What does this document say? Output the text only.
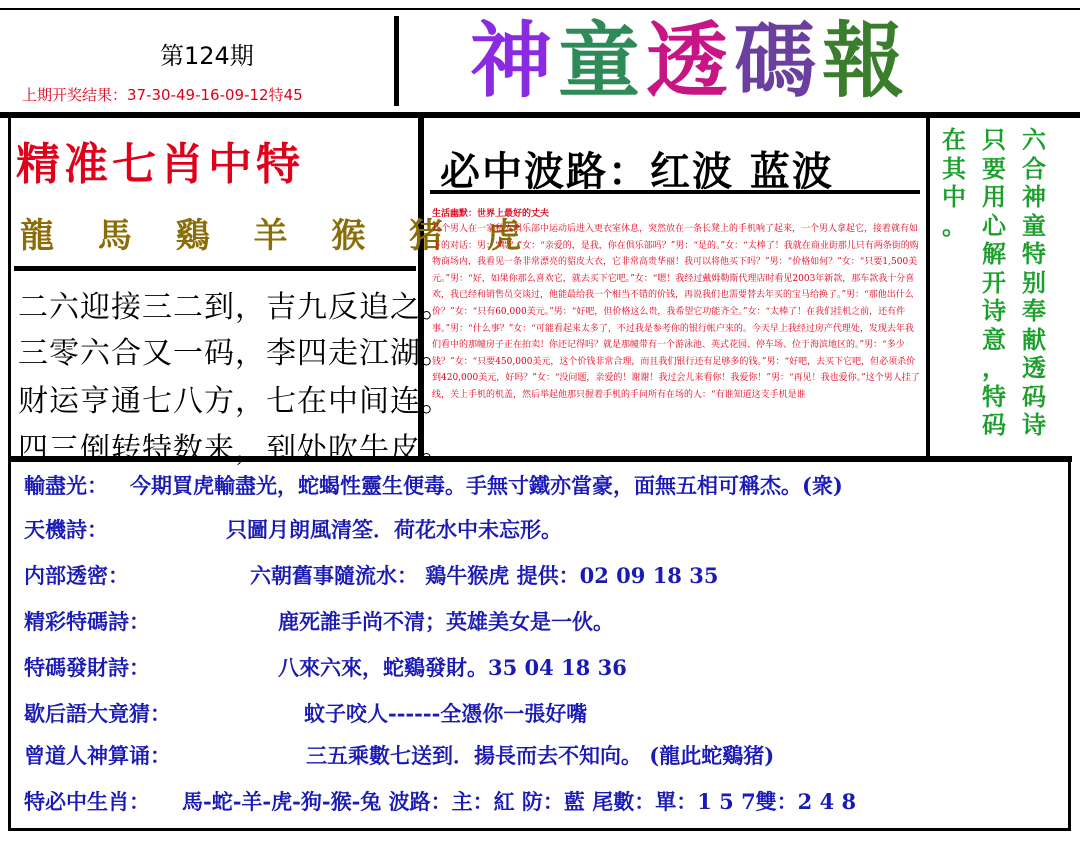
第124期
上期开奖结果：37-30-49-16-09-12特45 神童透碼報
精准七肖中特
龍 馬 鷄 羊 猴 猪 虎
二六迎接三二到，吉九反追之。
三零六合又一码，李四走江湖。
财运亨通七八方，七在中间连。
四三倒转特数来，到处吹牛皮。
必中波路：红波 蓝波
生活幽默：世界上最好的丈夫
几个男人在一家私人俱乐部中运动后进入更衣室休息，突然放在一条长凳上的手机响了起来，一个男人拿起它，接着就有如下的对话：男：“喂？”女：“亲爱的，是我，你在俱乐部吗？”男：“是的。”女：“太棒了！我就在商业街那儿只有两条街的购物商场内，我看见一条非常漂亮的貂皮大衣，它非常高贵华丽！我可以将他买下吗？”男：“价格如何？”女：“只要1,500美元。”男：“好，如果你那么喜欢它，就去买下它吧。”女：“嗯！我经过戴姆勒斯代理店时看见2003年新款，那车款我十分喜欢，我已经和销售员交谈过，他能最给我一个相当不错的价钱，再说我们也需要替去年买的宝马给换了。”男：“那他出什么价？”女：“只有60,000美元。”男：“好吧，但价格这么贵，我希望它功能齐全。”女：“太棒了！在我们挂机之前，还有件事。”男：“什么事？”女：“可能看起来太多了，不过我是参考你的银行帐户来的。今天早上我经过房产代理处，发现去年我们看中的那幢房子正在拍卖！你还记得吗？就是那幢带有一个游泳池、英式花园、停车场、位于海滨地区的。”男：“多少钱？”女：“只要450,000美元，这个价钱非常合理，而且我们银行还有足够多的钱。”男：“好吧，去买下它吧，但必须杀价到420,000美元，好吗？”女：“没问题，亲爱的！谢谢！我过会儿来看你！我爱你！”男：“再见！我也爱你。”这个男人挂了线，关上手机的机盖，然后举起他那只握着手机的手问所有在场的人：“有谁知道这支手机是谁
六
合
神
童
特
别
奉
献
透
码
诗
只
要
用
心
解
开
诗
意
，
特
码
在
其
中
。
輸盡光： 今期買虎輸盡光，蛇蝎性靈生便毒。手無寸鐵亦當豪，面無五相可稱杰。(衆)
天機詩：	只圖月朗風清筌．荷花水中未忘形。
内部透密：	六朝舊事隨流水： 鶏牛猴虎 提供：02 09 18 35
精彩特碼詩：	鹿死誰手尚不清；英雄美女是一伙。
特碼發財詩：	八來六來，蛇鷄發財。35 04 18 36
歇后語大竟猜：	蚊子咬人------全憑你一張好嘴
曾道人神算诵：	三五乘數七送到．揚長而去不知向。 (龍此蛇鷄猪)
特必中生肖： 馬-蛇-羊-虎-狗-猴-兔 波路：主：紅 防：藍 尾數：單：1 5 7雙：2 4 8
